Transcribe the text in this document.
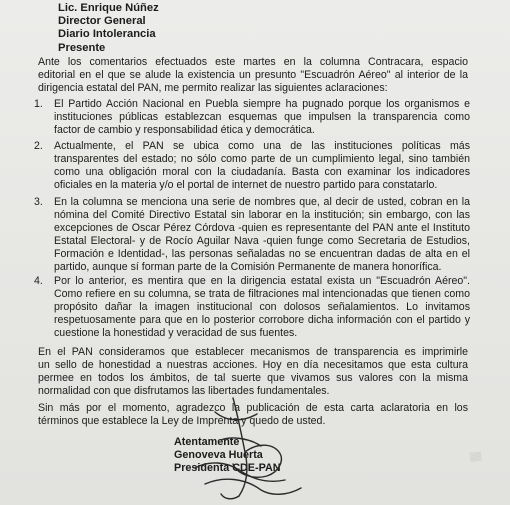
Lic. Enrique Núñez
Director General
Diario Intolerancia
Presente
Ante los comentarios efectuados este martes en la columna Contracara, espacio
editorial en el que se alude la existencia un presunto "Escuadrón Aéreo" al interior de la
dirigencia estatal del PAN, me permito realizar las siguientes aclaraciones:
1.	El Partido Acción Nacional en Puebla siempre ha pugnado porque los organismos e
instituciones públicas establezcan esquemas que impulsen la transparencia como
factor de cambio y responsabilidad ética y democrática.
2.	Actualmente, el PAN se ubica como una de las instituciones políticas más
transparentes del estado; no sólo como parte de un cumplimiento legal, sino también
como una obligación moral con la ciudadanía. Basta con examinar los indicadores
oficiales en la materia y/o el portal de internet de nuestro partido para constatarlo.
3.	En la columna se menciona una serie de nombres que, al decir de usted, cobran en la
nómina del Comité Directivo Estatal sin laborar en la institución; sin embargo, con las
excepciones de Oscar Pérez Córdova -quien es representante del PAN ante el Instituto
Estatal Electoral- y de Rocío Aguilar Nava -quien funge como Secretaria de Estudios,
Formación e Identidad-, las personas señaladas no se encuentran dadas de alta en el
partido, aunque sí forman parte de la Comisión Permanente de manera honorífica.
4.	Por lo anterior, es mentira que en la dirigencia estatal exista un "Escuadrón Aéreo".
Como refiere en su columna, se trata de filtraciones mal intencionadas que tienen como
propósito dañar la imagen institucional con dolosos señalamientos. Lo invitamos
respetuosamente para que en lo posterior corrobore dicha información con el partido y
cuestione la honestidad y veracidad de sus fuentes.
En el PAN consideramos que establecer mecanismos de transparencia es imprimirle
un sello de honestidad a nuestras acciones. Hoy en día necesitamos que esta cultura
permee en todos los ámbitos, de tal suerte que vivamos sus valores con la misma
normalidad con que disfrutamos las libertades fundamentales.
Sin más por el momento, agradezco la publicación de esta carta aclaratoria en los
términos que establece la Ley de Imprenta y quedo de usted.
Atentamente
Genoveva Huerta
Presidenta CDE-PAN
▒▒
